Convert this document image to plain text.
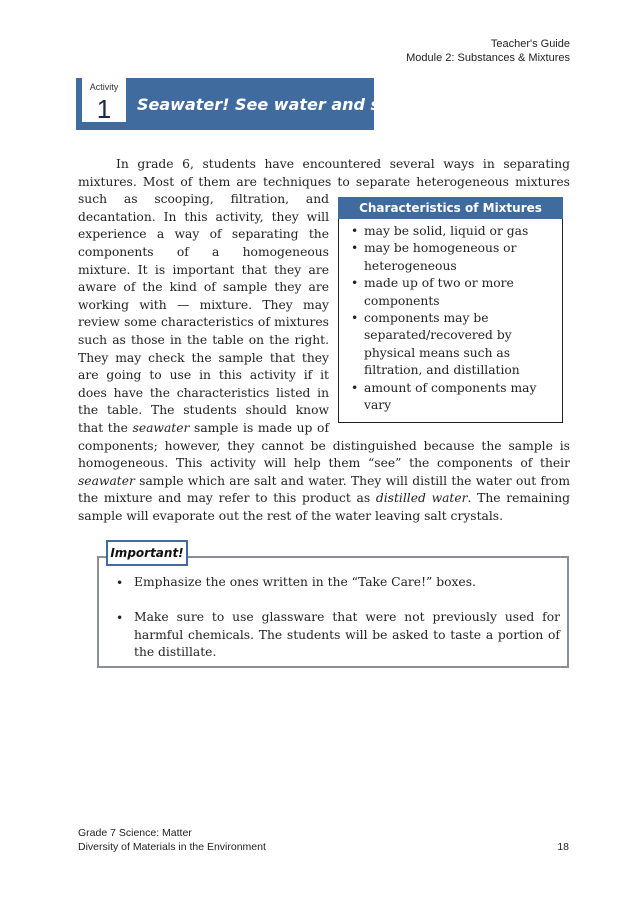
Teacher's Guide
Module 2: Substances & Mixtures
Activity
1	Seawater! See water and salt!
In grade 6, students have encountered several ways in separating
mixtures. Most of them are techniques to separate heterogeneous mixtures
such as scooping, filtration, and
decantation. In this activity, they will
experience a way of separating the
components of a homogeneous
mixture. It is important that they are
aware of the kind of sample they are
working with — mixture. They may
review some characteristics of mixtures
such as those in the table on the right.
They may check the sample that they
are going to use in this activity if it
does have the characteristics listed in
the table. The students should know
that the seawater sample is made up of
components; however, they cannot be distinguished because the sample is
homogeneous. This activity will help them “see” the components of their
seawater sample which are salt and water. They will distill the water out from
the mixture and may refer to this product as distilled water. The remaining
sample will evaporate out the rest of the water leaving salt crystals.
Characteristics of Mixtures
• may be solid, liquid or gas
• may be homogeneous or
heterogeneous
• made up of two or more
components
• components may be
separated/recovered by
physical means such as
filtration, and distillation
• amount of components may
vary
Important!
• Emphasize the ones written in the “Take Care!” boxes.
• Make sure to use glassware that were not previously used for
harmful chemicals. The students will be asked to taste a portion of
the distillate.
Grade 7 Science: Matter
Diversity of Materials in the Environment	18
